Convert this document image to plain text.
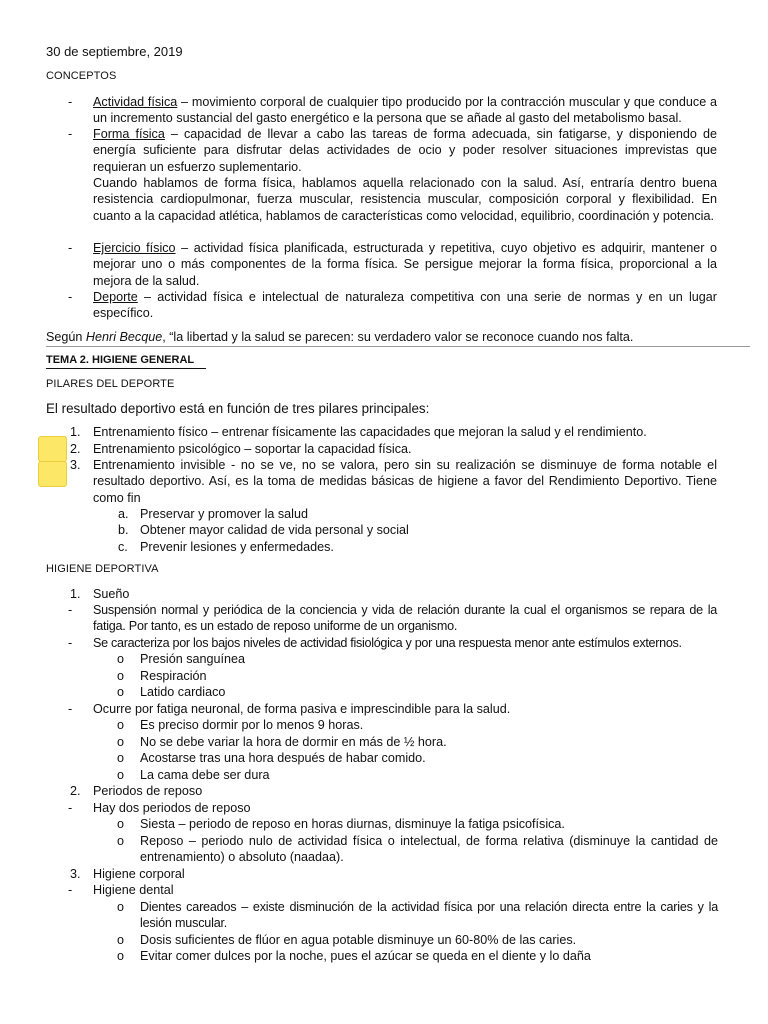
30 de septiembre, 2019
CONCEPTOS
- Actividad física – movimiento corporal de cualquier tipo producido por la contracción muscular y que conduce a un incremento sustancial del gasto energético e la persona que se añade al gasto del metabolismo basal.
- Forma física – capacidad de llevar a cabo las tareas de forma adecuada, sin fatigarse, y disponiendo de energía suficiente para disfrutar delas actividades de ocio y poder resolver situaciones imprevistas que requieran un esfuerzo suplementario.
Cuando hablamos de forma física, hablamos aquella relacionado con la salud. Así, entraría dentro buena resistencia cardiopulmonar, fuerza muscular, resistencia muscular, composición corporal y flexibilidad. En cuanto a la capacidad atlética, hablamos de características como velocidad, equilibrio, coordinación y potencia.
- Ejercicio físico – actividad física planificada, estructurada y repetitiva, cuyo objetivo es adquirir, mantener o mejorar uno o más componentes de la forma física. Se persigue mejorar la forma física, proporcional a la mejora de la salud.
- Deporte – actividad física e intelectual de naturaleza competitiva con una serie de normas y en un lugar específico.
Según Henri Becque, “la libertad y la salud se parecen: su verdadero valor se reconoce cuando nos falta.
TEMA 2. HIGIENE GENERAL
PILARES DEL DEPORTE
El resultado deportivo está en función de tres pilares principales:
1. Entrenamiento físico – entrenar físicamente las capacidades que mejoran la salud y el rendimiento.
2. Entrenamiento psicológico – soportar la capacidad física.
3. Entrenamiento invisible - no se ve, no se valora, pero sin su realización se disminuye de forma notable el resultado deportivo. Así, es la toma de medidas básicas de higiene a favor del Rendimiento Deportivo. Tiene como fin
a. Preservar y promover la salud
b. Obtener mayor calidad de vida personal y social
c. Prevenir lesiones y enfermedades.
HIGIENE DEPORTIVA
1. Sueño
- Suspensión normal y periódica de la conciencia y vida de relación durante la cual el organismos se repara de la fatiga. Por tanto, es un estado de reposo uniforme de un organismo.
- Se caracteriza por los bajos niveles de actividad fisiológica y por una respuesta menor ante estímulos externos.
o Presión sanguínea
o Respiración
o Latido cardiaco
- Ocurre por fatiga neuronal, de forma pasiva e imprescindible para la salud.
o Es preciso dormir por lo menos 9 horas.
o No se debe variar la hora de dormir en más de ½ hora.
o Acostarse tras una hora después de habar comido.
o La cama debe ser dura
2. Periodos de reposo
- Hay dos periodos de reposo
o Siesta – periodo de reposo en horas diurnas, disminuye la fatiga psicofísica.
o Reposo – periodo nulo de actividad física o intelectual, de forma relativa (disminuye la cantidad de entrenamiento) o absoluto (naadaa).
3. Higiene corporal
- Higiene dental
o Dientes careados – existe disminución de la actividad física por una relación directa entre la caries y la lesión muscular.
o Dosis suficientes de flúor en agua potable disminuye un 60-80% de las caries.
o Evitar comer dulces por la noche, pues el azúcar se queda en el diente y lo daña
